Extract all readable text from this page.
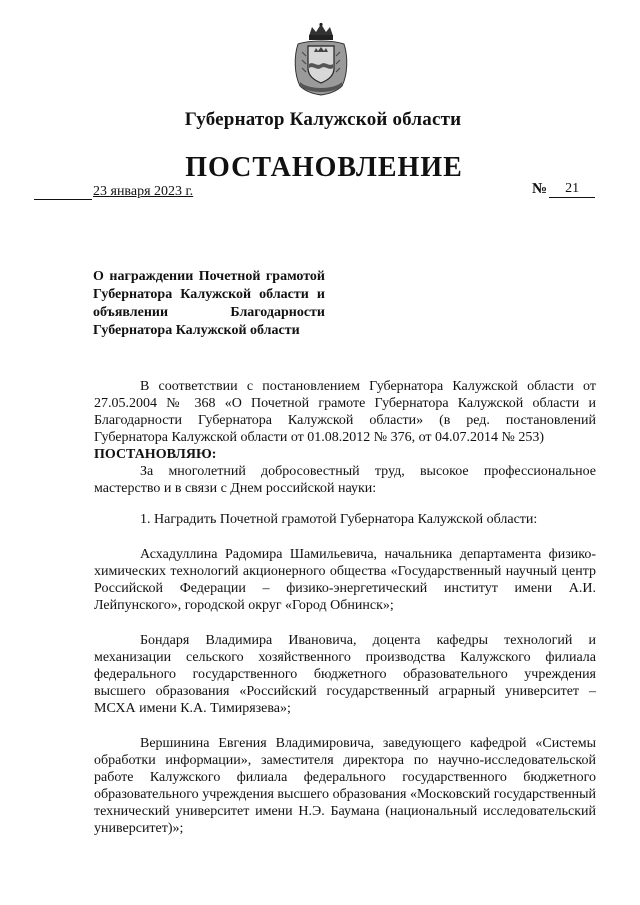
Губернатор Калужской области
ПОСТАНОВЛЕНИЕ
23 января 2023 г.	№	21
О награждении Почетной грамотой Губернатора Калужской области и объявлении Благодарности Губернатора Калужской области

В соответствии с постановлением Губернатора Калужской области от 27.05.2004 № 368 «О Почетной грамоте Губернатора Калужской области и Благодарности Губернатора Калужской области» (в ред. постановлений Губернатора Калужской области от 01.08.2012 № 376, от 04.07.2014 № 253)

ПОСТАНОВЛЯЮ:

За многолетний добросовестный труд, высокое профессиональное мастерство и в связи с Днем российской науки:

1. Наградить Почетной грамотой Губернатора Калужской области:

Асхадуллина Радомира Шамильевича, начальника департамента физико-химических технологий акционерного общества «Государственный научный центр Российской Федерации – физико-энергетический институт имени А.И. Лейпунского», городской округ «Город Обнинск»;

Бондаря Владимира Ивановича, доцента кафедры технологий и механизации сельского хозяйственного производства Калужского филиала федерального государственного бюджетного образовательного учреждения высшего образования «Российский государственный аграрный университет – МСХА имени К.А. Тимирязева»;

Вершинина Евгения Владимировича, заведующего кафедрой «Системы обработки информации», заместителя директора по научно-исследовательской работе Калужского филиала федерального государственного бюджетного образовательного учреждения высшего образования «Московский государственный технический университет имени Н.Э. Баумана (национальный исследовательский университет)»;
